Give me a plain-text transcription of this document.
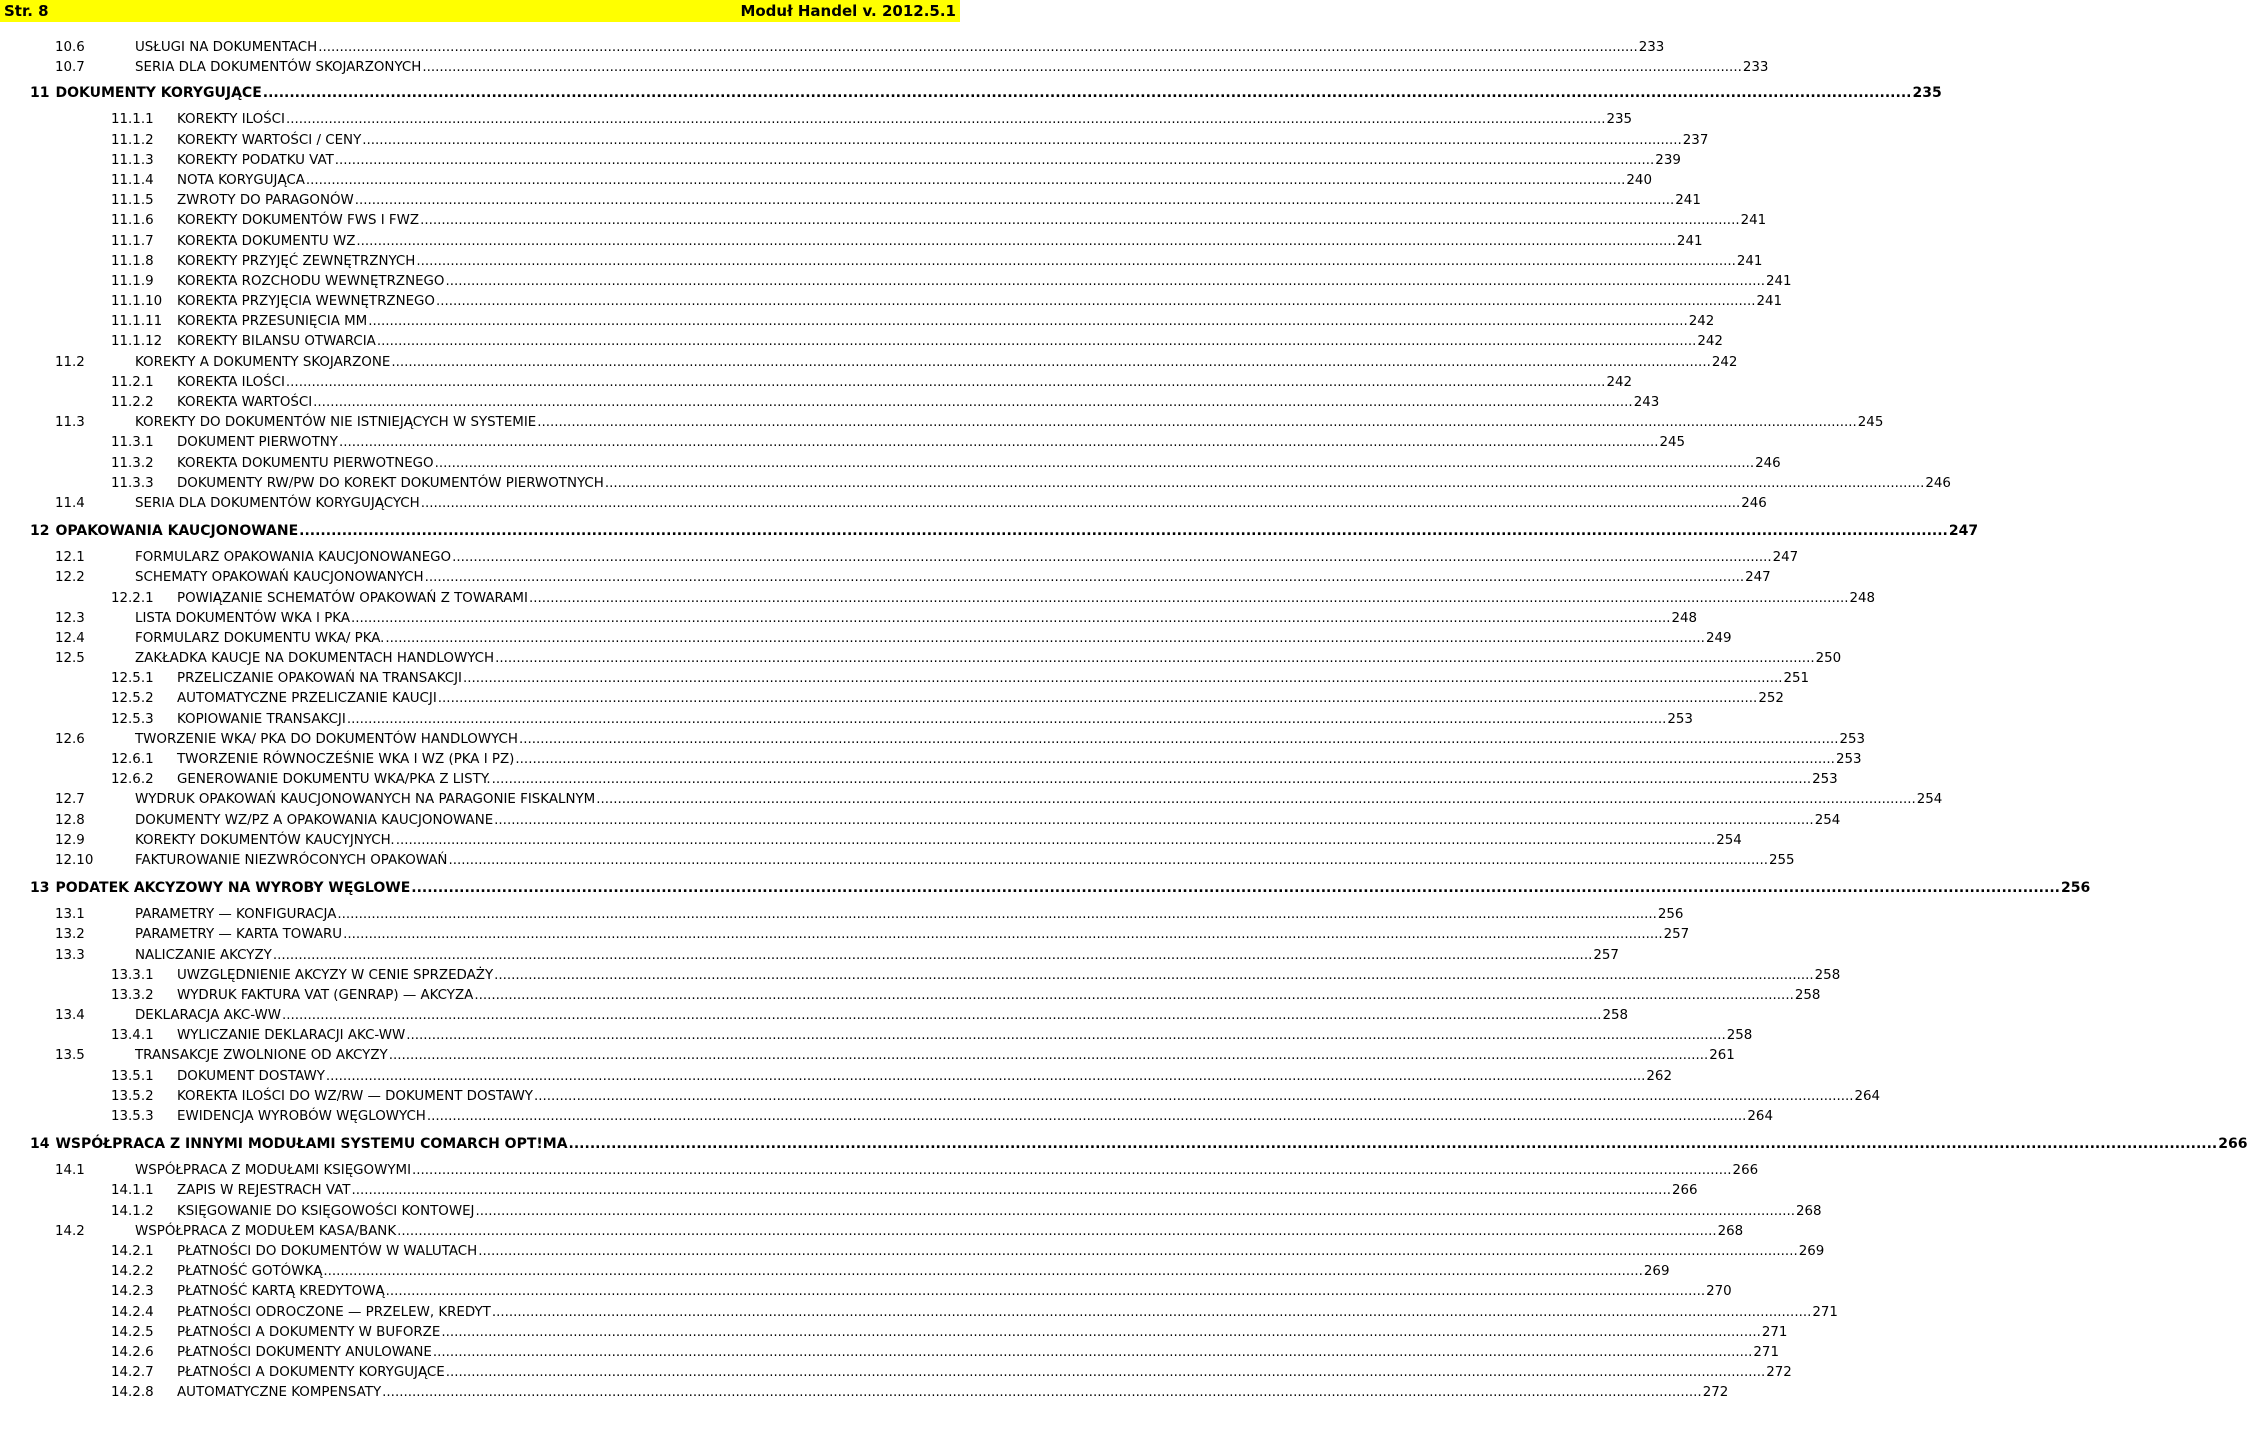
Str. 8	Moduł Handel v. 2012.5.1
10.6	USŁUGI NA DOKUMENTACH .....	233
10.7	SERIA DLA DOKUMENTÓW SKOJARZONYCH .....	233
11 DOKUMENTY KORYGUJĄCE .....	235
11.1.1	KOREKTY ILOŚCI .....	235
11.1.2	KOREKTY WARTOŚCI / CENY .....	237
11.1.3	KOREKTY PODATKU VAT .....	239
11.1.4	NOTA KORYGUJĄCA .....	240
11.1.5	ZWROTY DO PARAGONÓW .....	241
11.1.6	KOREKTY DOKUMENTÓW FWS I FWZ .....	241
11.1.7	KOREKTA DOKUMENTU WZ .....	241
11.1.8	KOREKTY PRZYJĘĆ ZEWNĘTRZNYCH .....	241
11.1.9	KOREKTA ROZCHODU WEWNĘTRZNEGO .....	241
11.1.10	KOREKTA PRZYJĘCIA WEWNĘTRZNEGO .....	241
11.1.11	KOREKTA PRZESUNIĘCIA MM .....	242
11.1.12	KOREKTY BILANSU OTWARCIA .....	242
11.2	KOREKTY A DOKUMENTY SKOJARZONE .....	242
11.2.1	KOREKTA ILOŚCI .....	242
11.2.2	KOREKTA WARTOŚCI .....	243
11.3	KOREKTY DO DOKUMENTÓW NIE ISTNIEJĄCYCH W SYSTEMIE .....	245
11.3.1	DOKUMENT PIERWOTNY .....	245
11.3.2	KOREKTA DOKUMENTU PIERWOTNEGO .....	246
11.3.3	DOKUMENTY RW/PW DO KOREKT DOKUMENTÓW PIERWOTNYCH .....	246
11.4	SERIA DLA DOKUMENTÓW KORYGUJĄCYCH .....	246
12 OPAKOWANIA KAUCJONOWANE .....	247
12.1	FORMULARZ OPAKOWANIA KAUCJONOWANEGO .....	247
12.2	SCHEMATY OPAKOWAŃ KAUCJONOWANYCH .....	247
12.2.1	POWIĄZANIE SCHEMATÓW OPAKOWAŃ Z TOWARAMI .....	248
12.3	LISTA DOKUMENTÓW WKA I PKA .....	248
12.4	FORMULARZ DOKUMENTU WKA/ PKA. .....	249
12.5	ZAKŁADKA KAUCJE NA DOKUMENTACH HANDLOWYCH .....	250
12.5.1	PRZELICZANIE OPAKOWAŃ NA TRANSAKCJI .....	251
12.5.2	AUTOMATYCZNE PRZELICZANIE KAUCJI .....	252
12.5.3	KOPIOWANIE TRANSAKCJI .....	253
12.6	TWORZENIE WKA/ PKA DO DOKUMENTÓW HANDLOWYCH .....	253
12.6.1	TWORZENIE RÓWNOCZEŚNIE WKA I WZ (PKA I PZ) .....	253
12.6.2	GENEROWANIE DOKUMENTU WKA/PKA Z LISTY. .....	253
12.7	WYDRUK OPAKOWAŃ KAUCJONOWANYCH NA PARAGONIE FISKALNYM .....	254
12.8	DOKUMENTY WZ/PZ A OPAKOWANIA KAUCJONOWANE .....	254
12.9	KOREKTY DOKUMENTÓW KAUCYJNYCH. .....	254
12.10	FAKTUROWANIE NIEZWRÓCONYCH OPAKOWAŃ .....	255
13 PODATEK AKCYZOWY NA WYROBY WĘGLOWE .....	256
13.1	PARAMETRY — KONFIGURACJA .....	256
13.2	PARAMETRY — KARTA TOWARU .....	257
13.3	NALICZANIE AKCYZY .....	257
13.3.1	UWZGLĘDNIENIE AKCYZY W CENIE SPRZEDAŻY .....	258
13.3.2	WYDRUK FAKTURA VAT (GENRAP) — AKCYZA .....	258
13.4	DEKLARACJA AKC-WW .....	258
13.4.1	WYLICZANIE DEKLARACJI AKC-WW .....	258
13.5	TRANSAKCJE ZWOLNIONE OD AKCYZY .....	261
13.5.1	DOKUMENT DOSTAWY .....	262
13.5.2	KOREKTA ILOŚCI DO WZ/RW — DOKUMENT DOSTAWY .....	264
13.5.3	EWIDENCJA WYROBÓW WĘGLOWYCH .....	264
14 WSPÓŁPRACA Z INNYMI MODUŁAMI SYSTEMU COMARCH OPT!MA .....	266
14.1	WSPÓŁPRACA Z MODUŁAMI KSIĘGOWYMI .....	266
14.1.1	ZAPIS W REJESTRACH VAT .....	266
14.1.2	KSIĘGOWANIE DO KSIĘGOWOŚCI KONTOWEJ .....	268
14.2	WSPÓŁPRACA Z MODUŁEM KASA/BANK .....	268
14.2.1	PŁATNOŚCI DO DOKUMENTÓW W WALUTACH .....	269
14.2.2	PŁATNOŚĆ GOTÓWKĄ .....	269
14.2.3	PŁATNOŚĆ KARTĄ KREDYTOWĄ .....	270
14.2.4	PŁATNOŚCI ODROCZONE — PRZELEW, KREDYT .....	271
14.2.5	PŁATNOŚCI A DOKUMENTY W BUFORZE .....	271
14.2.6	PŁATNOŚCI DOKUMENTY ANULOWANE .....	271
14.2.7	PŁATNOŚCI A DOKUMENTY KORYGUJĄCE .....	272
14.2.8	AUTOMATYCZNE KOMPENSATY .....	272
